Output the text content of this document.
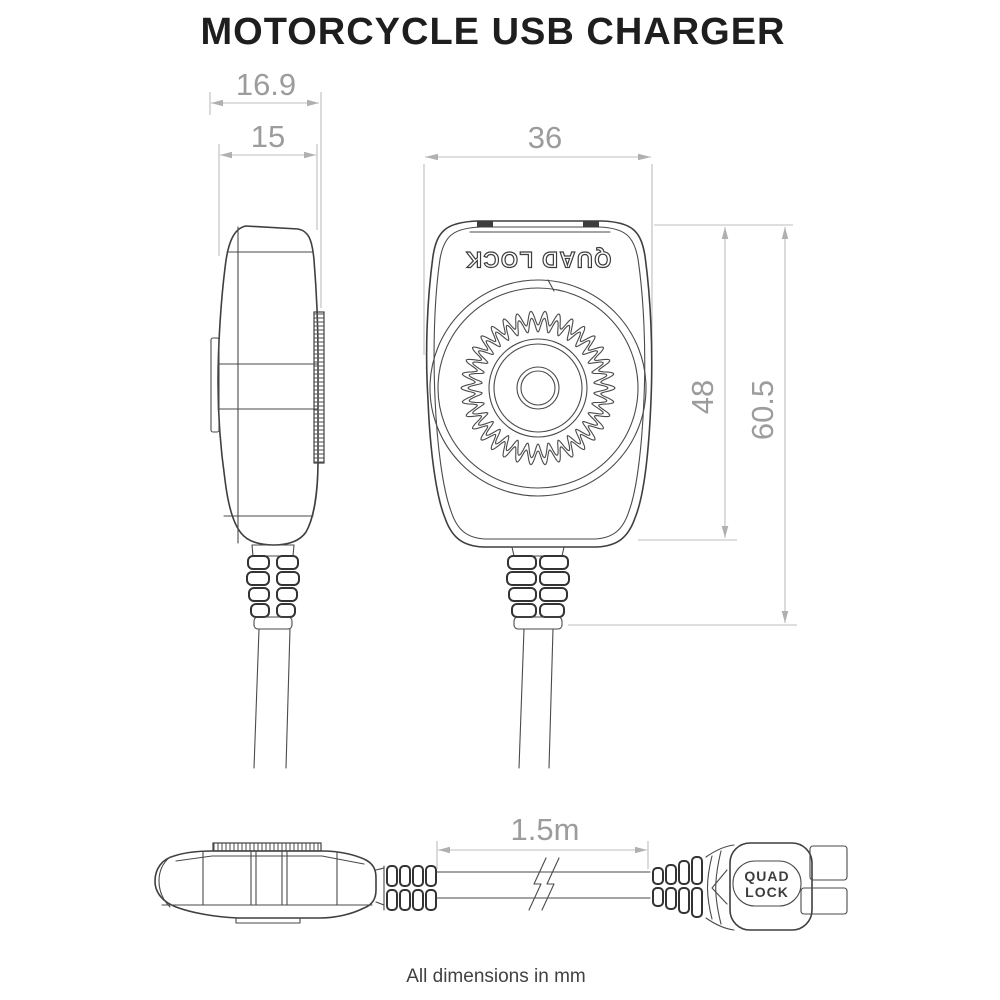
MOTORCYCLE USB CHARGER
16.9
15	36
QUAD LOCK
48 60.5
QUAD
LOCK
1.5m
All dimensions in mm
